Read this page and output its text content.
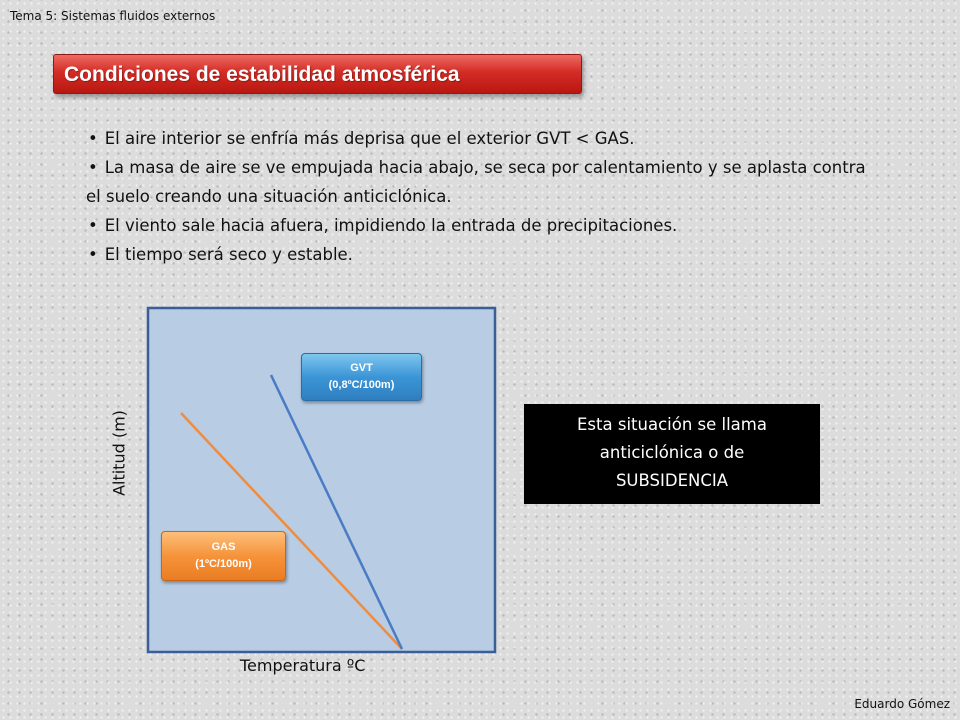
Tema 5: Sistemas fluidos externos
Condiciones de estabilidad atmosférica
• El aire interior se enfría más deprisa que el exterior GVT < GAS.
• La masa de aire se ve empujada hacia abajo, se seca por calentamiento y se aplasta contra el suelo creando una situación anticiclónica.
• El viento sale hacia afuera, impidiendo la entrada de precipitaciones.
• El tiempo será seco y estable.
Altitud (m)
Temperatura ºC
GVT
(0,8ºC/100m)
GAS
(1ºC/100m)
Esta situación se llama
anticiclónica o de
SUBSIDENCIA
Eduardo Gómez
